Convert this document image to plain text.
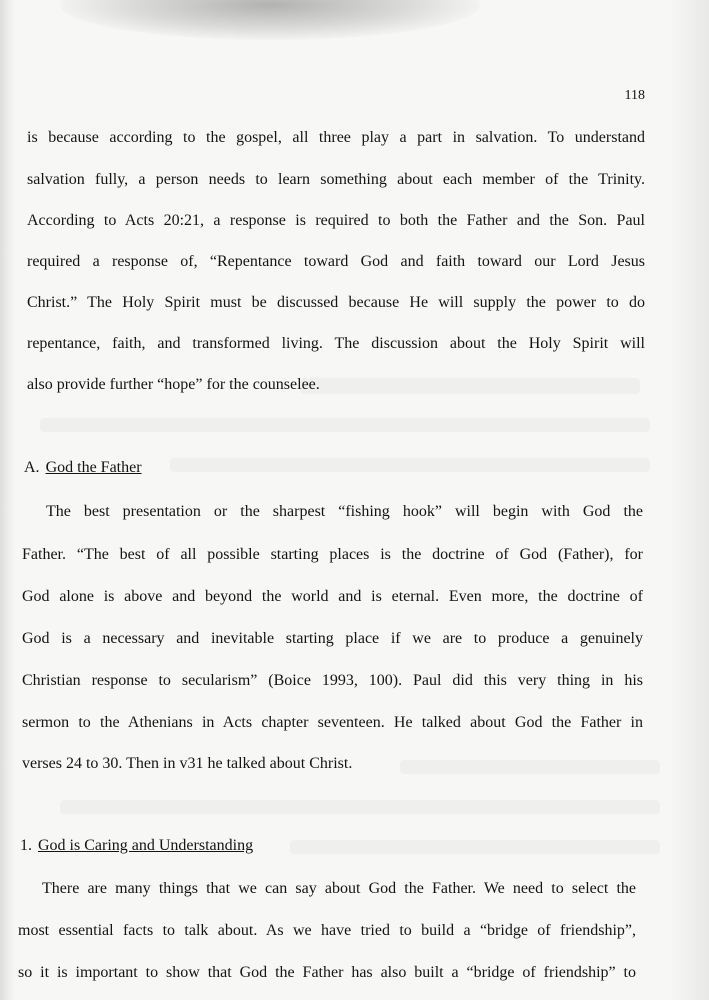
118
is because according to the gospel, all three play a part in salvation. To understand
salvation fully, a person needs to learn something about each member of the Trinity.
According to Acts 20:21, a response is required to both the Father and the Son. Paul
required a response of, “Repentance toward God and faith toward our Lord Jesus
Christ.” The Holy Spirit must be discussed because He will supply the power to do
repentance, faith, and transformed living. The discussion about the Holy Spirit will
also provide further “hope” for the counselee.
A. God the Father
The best presentation or the sharpest “fishing hook” will begin with God the
Father. “The best of all possible starting places is the doctrine of God (Father), for
God alone is above and beyond the world and is eternal. Even more, the doctrine of
God is a necessary and inevitable starting place if we are to produce a genuinely
Christian response to secularism” (Boice 1993, 100). Paul did this very thing in his
sermon to the Athenians in Acts chapter seventeen. He talked about God the Father in
verses 24 to 30. Then in v31 he talked about Christ.
1. God is Caring and Understanding
There are many things that we can say about God the Father. We need to select the
most essential facts to talk about. As we have tried to build a “bridge of friendship”,
so it is important to show that God the Father has also built a “bridge of friendship” to
